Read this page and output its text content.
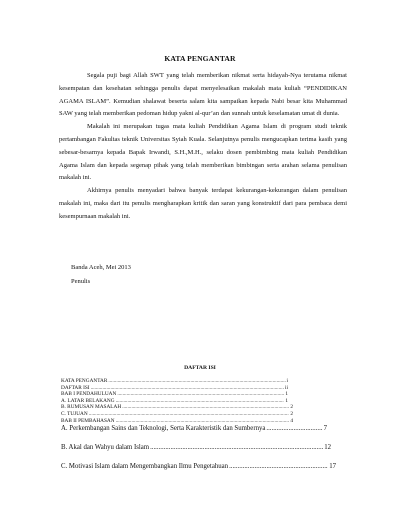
KATA PENGANTAR

Segala puji bagi Allah SWT yang telah memberikan nikmat serta hidayah-Nya terutama nikmat kesempatan dan kesehatan sehingga penulis dapat menyelesaikan makalah mata kuliah “PENDIDIKAN AGAMA ISLAM”. Kemudian shalawat beserta salam kita sampaikan kepada Nabi besar kita Muhammad SAW yang telah memberikan pedoman hidup yakni al-qur’an dan sunnah untuk keselamatan umat di dunia.

Makalah ini merupakan tugas mata kuliah Pendidikan Agama Islam di program studi teknik pertambangan Fakultas teknik Universitas Syiah Kuala. Selanjutnya penulis mengucapkan terima kasih yang sebesar-besarnya kepada Bapak Irwandi, S.H.,M.H., selaku dosen pembimbing mata kuliah Pendidikan Agama Islam dan kepada segenap pihak yang telah memberikan bimbingan serta arahan selama penulisan makalah ini.

Akhirnya penulis menyadari bahwa banyak terdapat kekurangan-kekurangan dalam penulisan makalah ini, maka dari itu penulis mengharapkan kritik dan saran yang konstruktif dari para pembaca demi kesempurnaan makalah ini.

Banda Aceh, Mei 2013
Penulis
DAFTAR ISI
KATA PENGANTAR .....	i
DAFTAR ISI .....	ii
BAB I PENDAHULUAN .....	1
A. LATAR BELAKANG .....	1
B. RUMUSAN MASALAH .....	2
C. TUJUAN .....	2
BAB II PEMBAHASAN .....	4
A. Perkembangan Sains dan Teknologi, Serta Karakteristik dan Sumbernya .....	7
B. Akal dan Wahyu dalam Islam .....	12
C. Motivasi Islam dalam Mengembangkan Ilmu Pengetahuan .....	17
